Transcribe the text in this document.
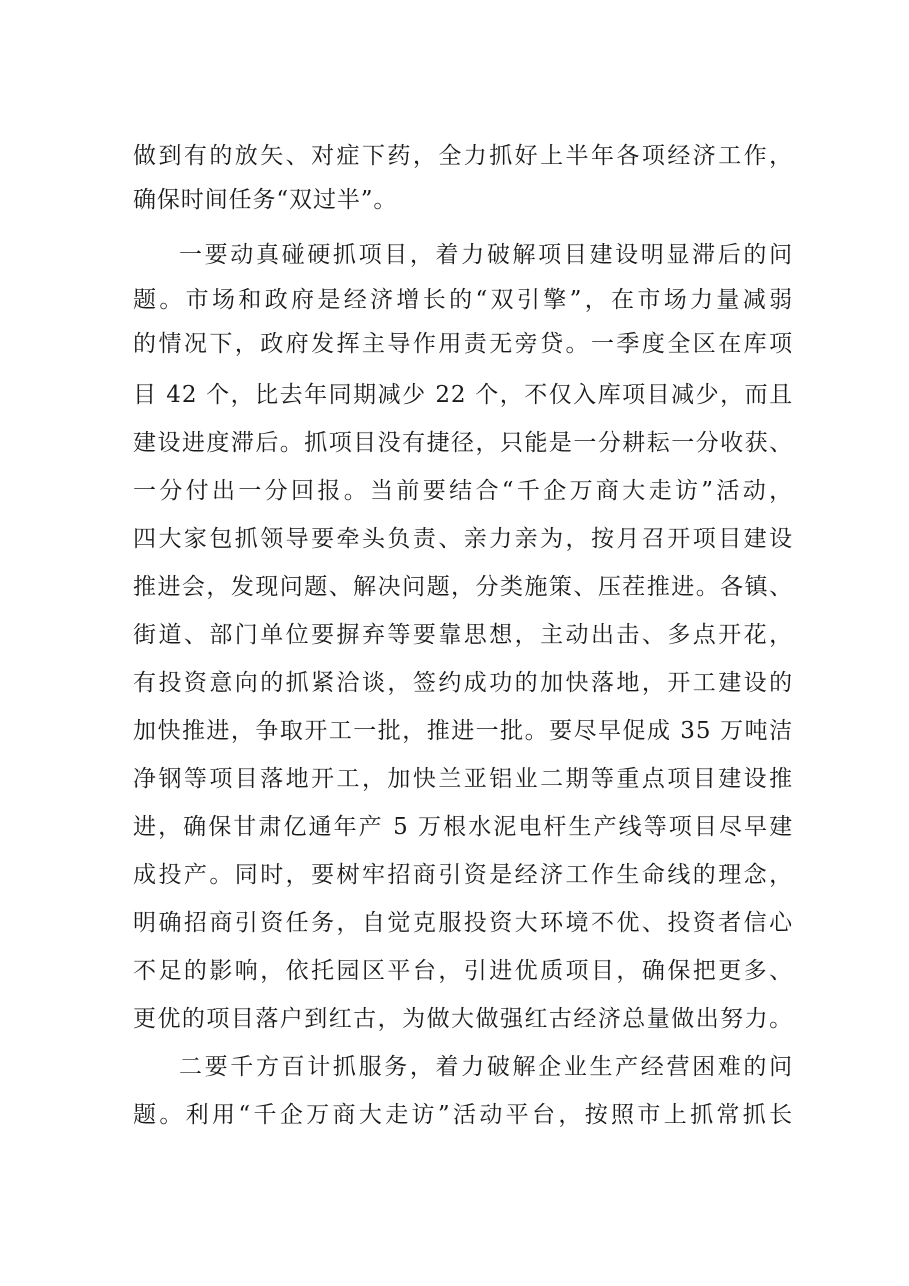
做到有的放矢、对症下药，全力抓好上半年各项经济工作，
确保时间任务“双过半”。
一要动真碰硬抓项目，着力破解项目建设明显滞后的问
题。市场和政府是经济增长的“双引擎”，在市场力量减弱
的情况下，政府发挥主导作用责无旁贷。一季度全区在库项
目 42 个，比去年同期减少 22 个，不仅入库项目减少，而且
建设进度滞后。抓项目没有捷径，只能是一分耕耘一分收获、
一分付出一分回报。当前要结合“千企万商大走访”活动，
四大家包抓领导要牵头负责、亲力亲为，按月召开项目建设
推进会，发现问题、解决问题，分类施策、压茬推进。各镇、
街道、部门单位要摒弃等要靠思想，主动出击、多点开花，
有投资意向的抓紧洽谈，签约成功的加快落地，开工建设的
加快推进，争取开工一批，推进一批。要尽早促成 35 万吨洁
净钢等项目落地开工，加快兰亚铝业二期等重点项目建设推
进，确保甘肃亿通年产 5 万根水泥电杆生产线等项目尽早建
成投产。同时，要树牢招商引资是经济工作生命线的理念，
明确招商引资任务，自觉克服投资大环境不优、投资者信心
不足的影响，依托园区平台，引进优质项目，确保把更多、
更优的项目落户到红古，为做大做强红古经济总量做出努力。
二要千方百计抓服务，着力破解企业生产经营困难的问
题。利用“千企万商大走访”活动平台，按照市上抓常抓长
